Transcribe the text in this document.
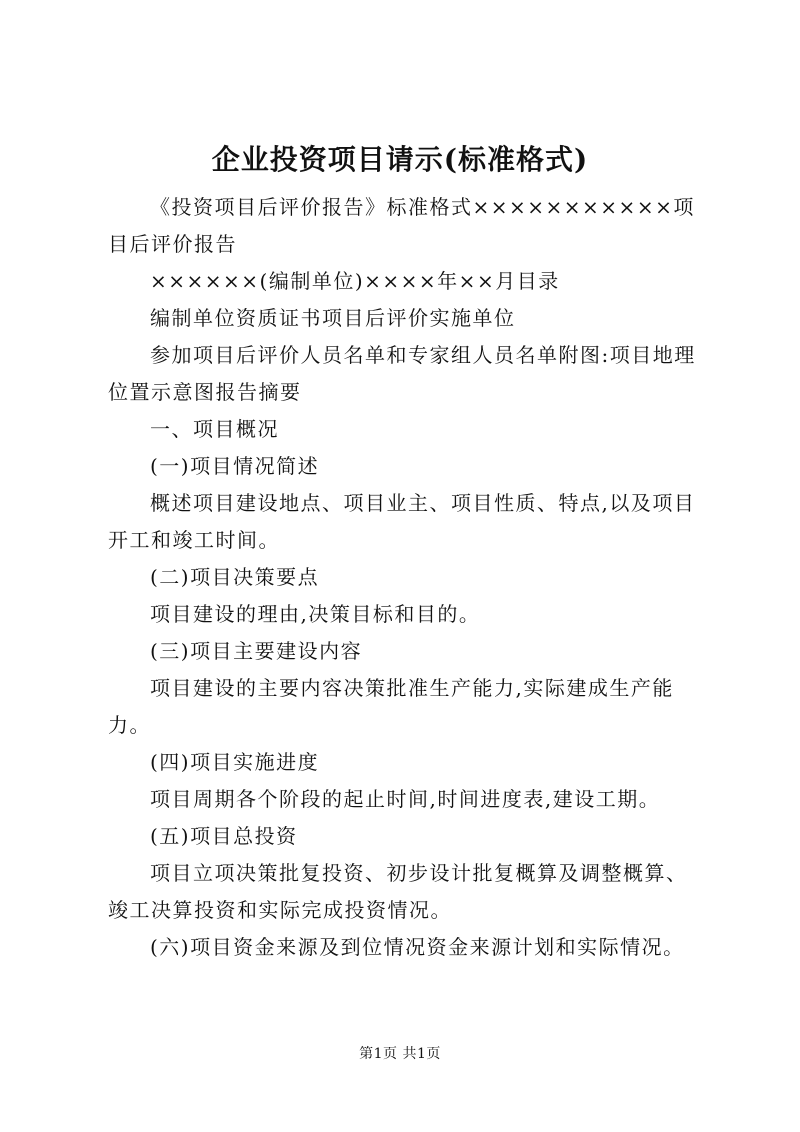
企业投资项目请示(标准格式)

《投资项目后评价报告》标准格式×××××××××××项目后评价报告

××××××(编制单位)××××年××月目录

编制单位资质证书项目后评价实施单位

参加项目后评价人员名单和专家组人员名单附图:项目地理位置示意图报告摘要

一、项目概况

(一)项目情况简述

概述项目建设地点、项目业主、项目性质、特点,以及项目开工和竣工时间。

(二)项目决策要点

项目建设的理由,决策目标和目的。

(三)项目主要建设内容

项目建设的主要内容决策批准生产能力,实际建成生产能力。

(四)项目实施进度

项目周期各个阶段的起止时间,时间进度表,建设工期。

(五)项目总投资

项目立项决策批复投资、初步设计批复概算及调整概算、竣工决算投资和实际完成投资情况。

(六)项目资金来源及到位情况资金来源计划和实际情况。

第1页 共1页
